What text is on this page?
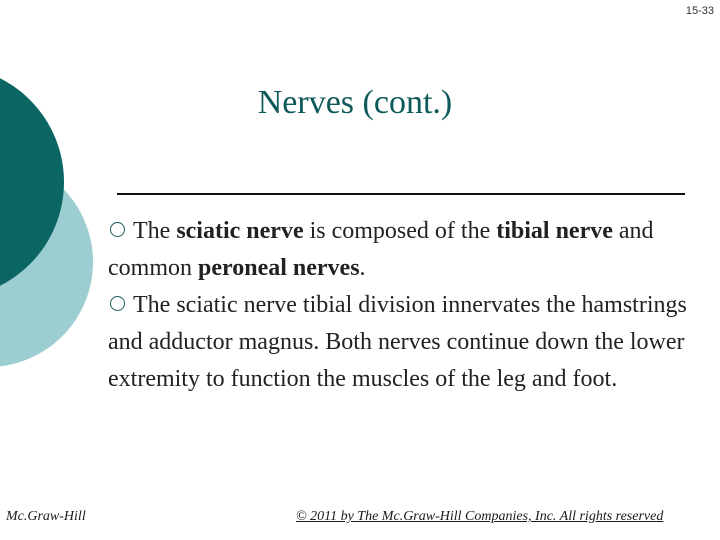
15-33
Nerves (cont.)

The sciatic nerve is composed of the tibial nerve and common peroneal nerves.

The sciatic nerve tibial division innervates the hamstrings and adductor magnus. Both nerves continue down the lower extremity to function the muscles of the leg and foot.

Mc.Graw-Hill	© 2011 by The Mc.Graw-Hill Companies, Inc. All rights reserved
